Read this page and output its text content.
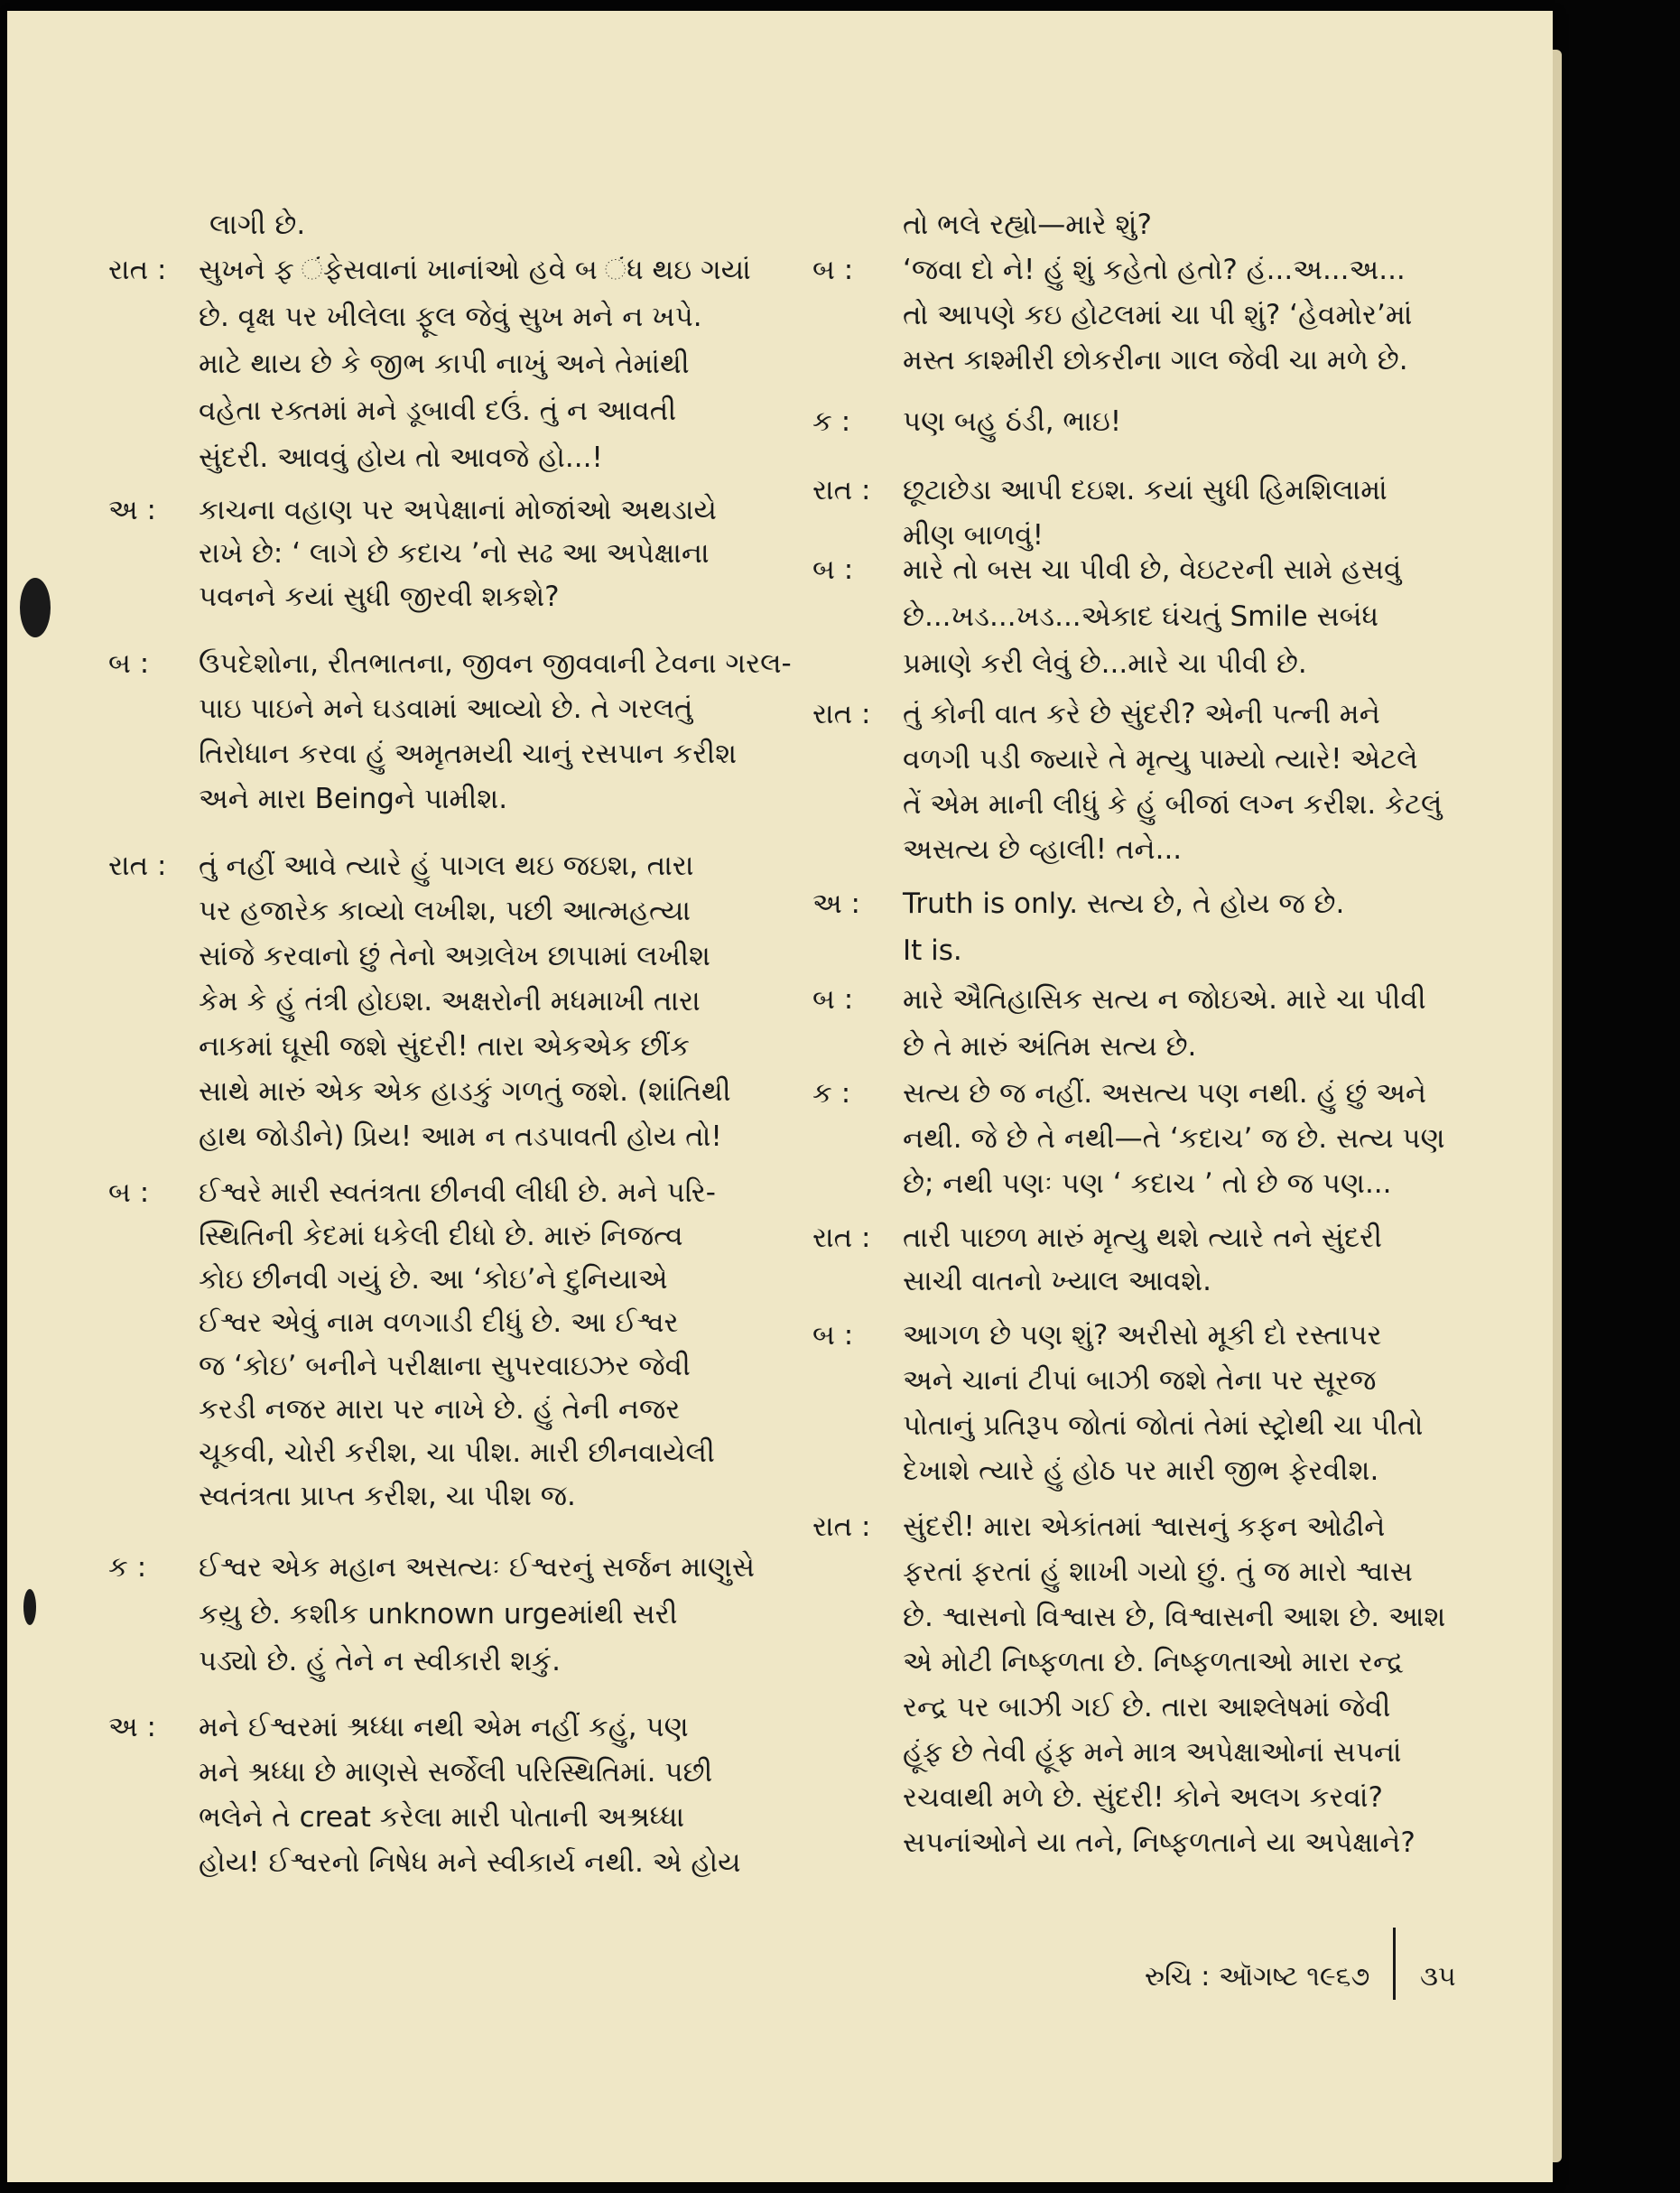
લાગી છે.
રાત : સુખને ફ ંફેસવાનાં ખાનાંઓ હવે બ ંધ થઇ ગયાં
છે. વૃક્ષ પર ખીલેલા ફૂલ જેવું સુખ મને ન ખપે.
માટે થાય છે કે જીભ કાપી નાખું અને તેમાંથી
વહેતા રક્તમાં મને ડૂબાવી દઉં. તું ન આવતી
સુંદરી. આવવું હોય તો આવજે હો...!
અ : કાચના વહાણ પર અપેક્ષાનાં મોજાંઓ અથડાયે
રાખે છે: ‘ લાગે છે કદાચ ’નો સઢ આ અપેક્ષાના
પવનને કયાં સુધી જીરવી શકશે?
બ : ઉપદેશોના, રીતભાતના, જીવન જીવવાની ટેવના ગરલ-
પાઇ પાઇને મને ઘડવામાં આવ્યો છે. તે ગરલતું
તિરોધાન કરવા હું અમૃતમયી ચાનું રસપાન કરીશ
અને મારા Beingને પામીશ.
રાત : તું નહીં આવે ત્યારે હું પાગલ થઇ જઇશ, તારા
પર હજારેક કાવ્યો લખીશ, પછી આત્મહત્યા
સાંજે કરવાનો છું તેનો અગ્રલેખ છાપામાં લખીશ
કેમ કે હું તંત્રી હોઇશ. અક્ષરોની મધમાખી તારા
નાકમાં ઘૂસી જશે સુંદરી! તારા એકએક છીંક
સાથે મારું એક એક હાડકું ગળતું જશે. (શાંતિથી
હાથ જોડીને) પ્રિય! આમ ન તડપાવતી હોય તો!
બ : ઈશ્વરે મારી સ્વતંત્રતા છીનવી લીધી છે. મને પરિ-
સ્થિતિની કેદમાં ધકેલી દીધો છે. મારું નિજત્વ
કોઇ છીનવી ગયું છે. આ ‘કોઇ’ને દુનિયાએ
ઈશ્વર એવું નામ વળગાડી દીધું છે. આ ઈશ્વર
જ ‘કોઇ’ બનીને પરીક્ષાના સુપરવાઇઝર જેવી
કરડી નજર મારા પર નાખે છે. હું તેની નજર
ચૂકવી, ચોરી કરીશ, ચા પીશ. મારી છીનવાયેલી
સ્વતંત્રતા પ્રાપ્ત કરીશ, ચા પીશ જ.
ક : ઈશ્વર એક મહાન અસત્યઃ ઈશ્વરનું સર્જન માણુસે
કયુ઼ છે. કશીક unknown urgeમાંથી સરી
પડ્યો છે. હું તેને ન સ્વીકારી શકું.
અ : મને ઈશ્વરમાં શ્રધ્ધા નથી એમ નહીં કહું, પણ
મને શ્રધ્ધા છે માણસે સર્જેલી પરિસ્થિતિમાં. પછી
ભલેને તે creat કરેલા મારી પોતાની અશ્રધ્ધા
હોય! ઈશ્વરનો નિષેધ મને સ્વીકાર્ય નથી. એ હોય
તો ભલે રહ્યો—મારે શું?
બ : ‘જવા દો ને! હું શું કહેતો હતો? હં...અ...અ...
તો આપણે કઇ હોટલમાં ચા પી શું? ‘હેવમોર’માં
મસ્ત કાશ્મીરી છોકરીના ગાલ જેવી ચા મળે છે.
ક : પણ બહુ ઠંડી, ભાઇ!
રાત : છૂટાછેડા આપી દઇશ. કયાં સુધી હિમશિલામાં
મીણ બાળવું!
બ : મારે તો બસ ચા પીવી છે, વેઇટરની સામે હસવું
છે...ખડ...ખડ...એકાદ ઘંચતું Smile સબંધ
પ્રમાણે કરી લેવું છે...મારે ચા પીવી છે.
રાત : તું કોની વાત કરે છે સુંદરી? એની પત્ની મને
વળગી પડી જ્યારે તે મૃત્યુ પામ્યો ત્યારે! એટલે
તેં એમ માની લીધું કે હું બીજાં લગ્ન કરીશ. કેટલું
અસત્ય છે વ્હાલી! તને...
અ : Truth is only. સત્ય છે, તે હોય જ છે.
It is.
બ : મારે ઐતિહાસિક સત્ય ન જોઇએ. મારે ચા પીવી
છે તે મારું અંતિમ સત્ય છે.
ક : સત્ય છે જ નહીં. અસત્ય પણ નથી. હું છું અને
નથી. જે છે તે નથી—તે ‘કદાચ’ જ છે. સત્ય પણ
છે; નથી પણઃ પણ ‘ કદાચ ’ તો છે જ પણ...
રાત : તારી પાછળ મારું મૃત્યુ થશે ત્યારે તને સુંદરી
સાચી વાતનો ખ્યાલ આવશે.
બ : આગળ છે પણ શું? અરીસો મૂકી દો રસ્તાપર
અને ચાનાં ટીપાં બાઝી જશે તેના પર સૂરજ
પોતાનું પ્રતિરૂપ જોતાં જોતાં તેમાં સ્ટ્રોથી ચા પીતો
દેખાશે ત્યારે હું હોઠ પર મારી જીભ ફેરવીશ.
રાત : સુંદરી! મારા એકાંતમાં શ્વાસનું કફન ઓઢીને
ફરતાં ફરતાં હું શાખી ગયો છું. તું જ મારો શ્વાસ
છે. શ્વાસનો વિશ્વાસ છે, વિશ્વાસની આશ છે. આશ
એ મોટી નિષ્ફળતા છે. નિષ્ફળતાઓ મારા રન્દ્ર
રન્દ્ર પર બાઝી ગઈ છે. તારા આશ્લેષમાં જેવી
હૂંફ છે તેવી હૂંફ મને માત્ર અપેક્ષાઓનાં સપનાં
રચવાથી મળે છે. સુંદરી! કોને અલગ કરવાં?
સપનાંઓને યા તને, નિષ્ફળતાને યા અપેક્ષાને?
રુચિ : ઑગષ્ટ ૧૯૬૭ ૩૫
